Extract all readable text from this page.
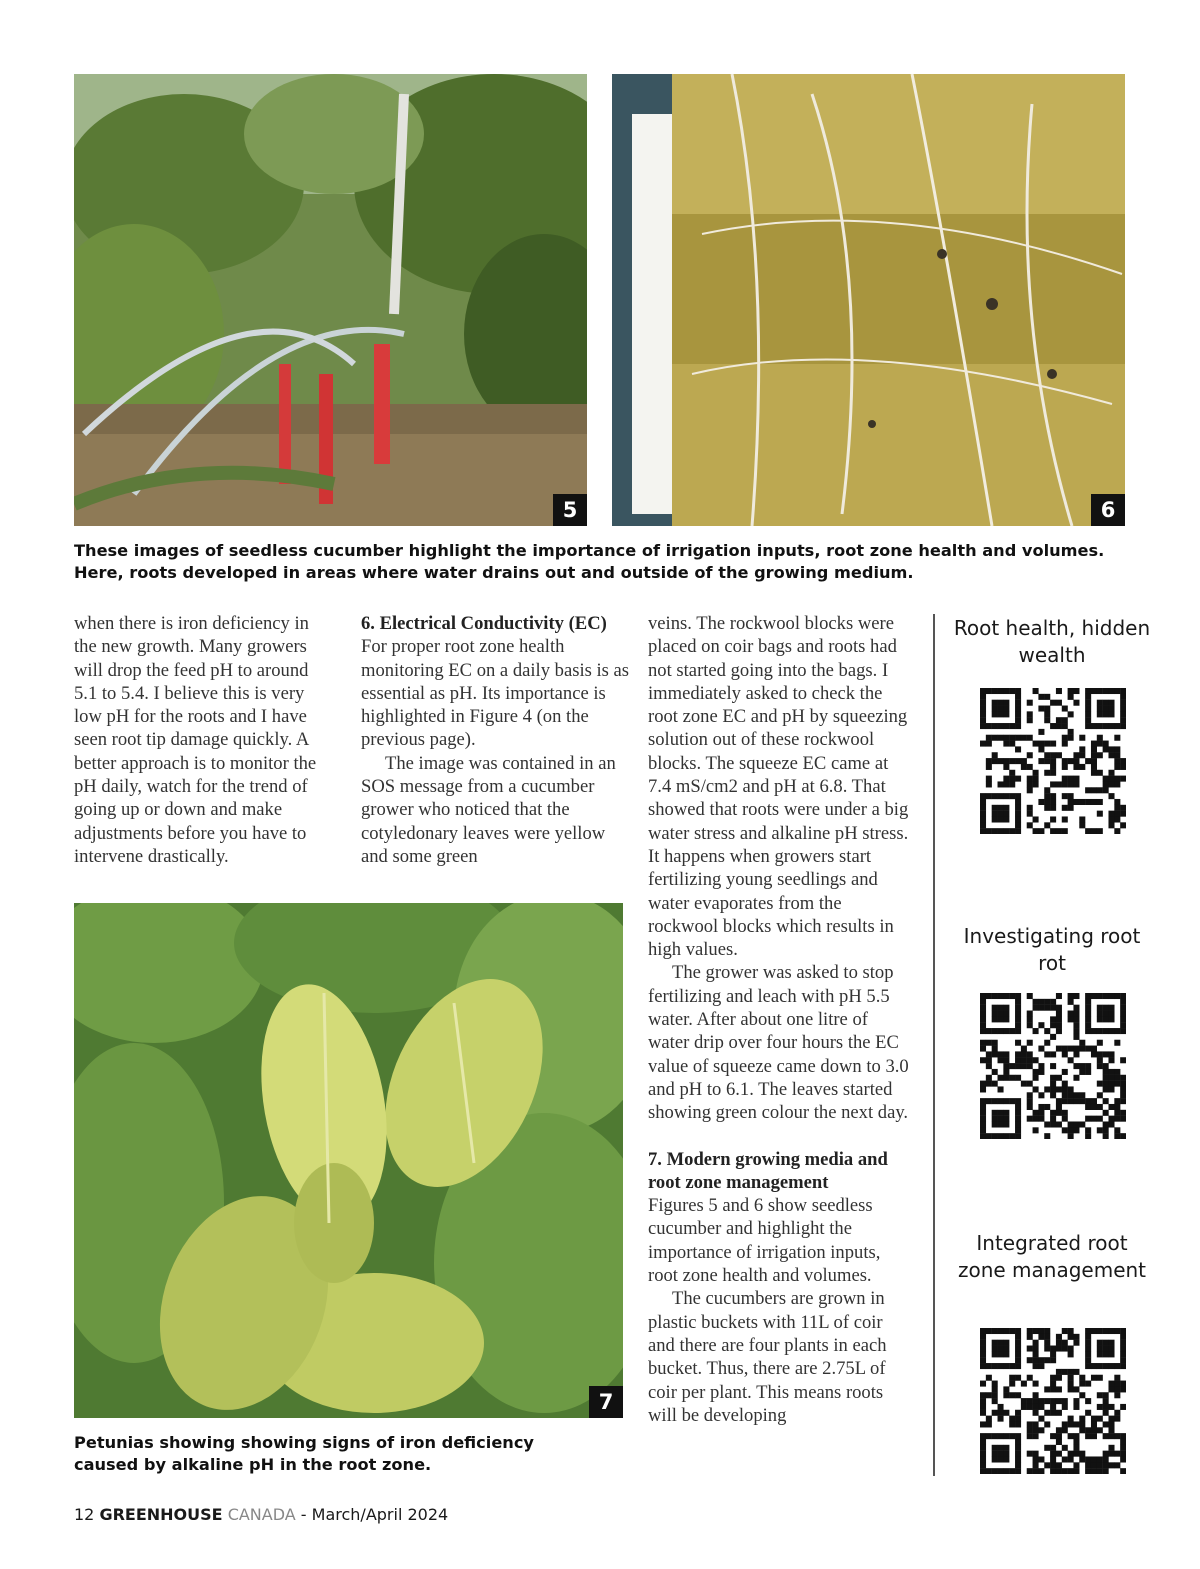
5	6
These images of seedless cucumber highlight the importance of irrigation inputs, root zone health and volumes. Here, roots developed in areas where water drains out and outside of the growing medium.

when there is iron deficiency in the new growth. Many growers will drop the feed pH to around 5.1 to 5.4. I believe this is very low pH for the roots and I have seen root tip damage quickly. A better approach is to monitor the pH daily, watch for the trend of going up or down and make adjustments before you have to intervene drastically.

6. Electrical Conductivity (EC)

For proper root zone health monitoring EC on a daily basis is as essential as pH. Its importance is highlighted in Figure 4 (on the previous page).

The image was contained in an SOS message from a cucumber grower who noticed that the cotyledonary leaves were yellow and some green

7
Petunias showing showing signs of iron deficiency caused by alkaline pH in the root zone.

veins. The rockwool blocks were placed on coir bags and roots had not started going into the bags. I immediately asked to check the root zone EC and pH by squeezing solution out of these rockwool blocks. The squeeze EC came at 7.4 mS/cm2 and pH at 6.8. That showed that roots were under a big water stress and alkaline pH stress. It happens when growers start fertilizing young seedlings and water evaporates from the rockwool blocks which results in high values.

The grower was asked to stop fertilizing and leach with pH 5.5 water. After about one litre of water drip over four hours the EC value of squeeze came down to 3.0 and pH to 6.1. The leaves started showing green colour the next day.

7. Modern growing media and root zone management

Figures 5 and 6 show seedless cucumber and highlight the importance of irrigation inputs, root zone health and volumes.

The cucumbers are grown in plastic buckets with 11L of coir and there are four plants in each bucket. Thus, there are 2.75L of coir per plant. This means roots will be developing

Root health, hidden wealth
Investigating root rot
Integrated root zone management
12 GREENHOUSE CANADA - March/April 2024
